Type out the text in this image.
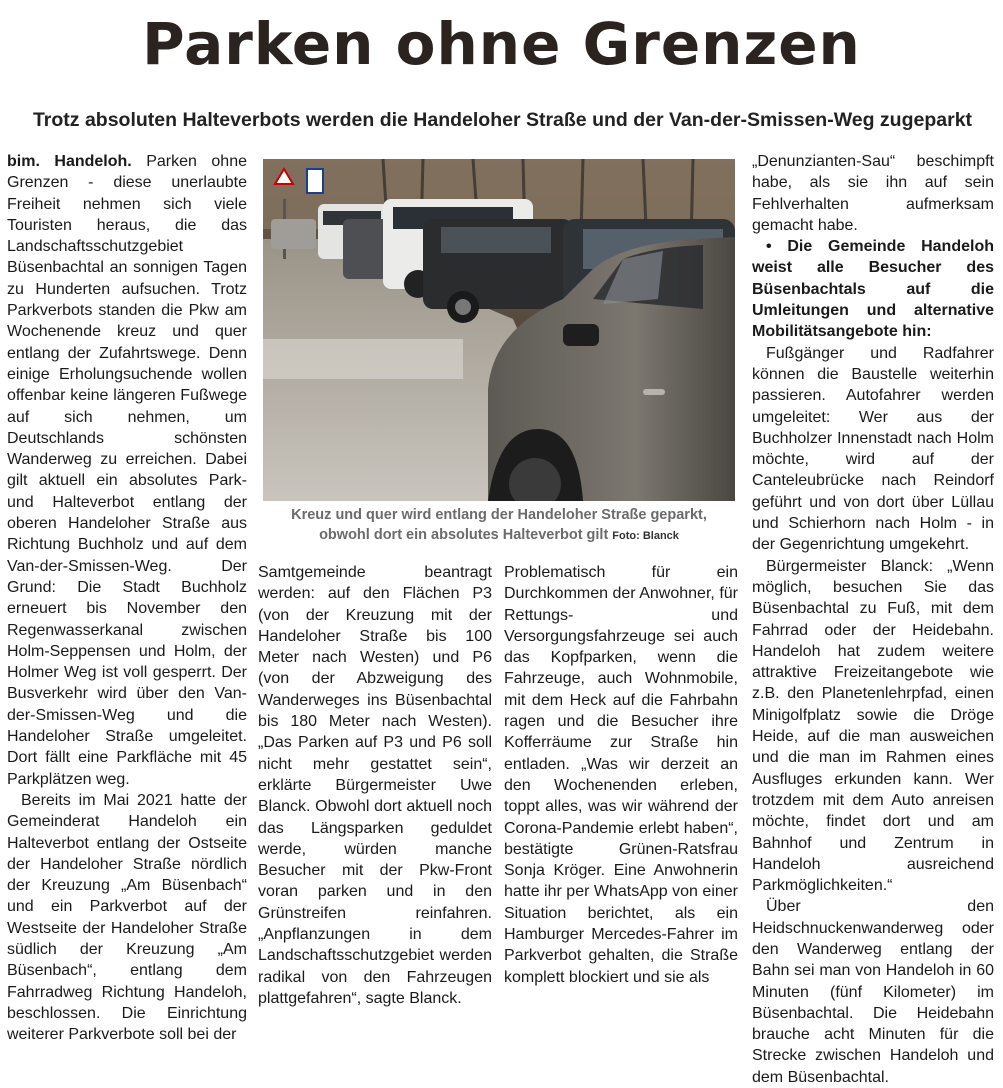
Parken ohne Grenzen
Trotz absoluten Halteverbots werden die Handeloher Straße und der Van-der-Smissen-Weg zugeparkt

bim. Handeloh. Parken ohne Grenzen - diese unerlaubte Freiheit nehmen sich viele Touristen heraus, die das Landschaftsschutzgebiet Büsenbachtal an sonnigen Tagen zu Hunderten aufsuchen. Trotz Parkverbots standen die Pkw am Wochenende kreuz und quer entlang der Zufahrtswege. Denn einige Erholungsuchende wollen offenbar keine längeren Fußwege auf sich nehmen, um Deutschlands schönsten Wanderweg zu erreichen. Dabei gilt aktuell ein absolutes Park- und Halteverbot entlang der oberen Handeloher Straße aus Richtung Buchholz und auf dem Van-der-Smissen-Weg. Der Grund: Die Stadt Buchholz erneuert bis November den Regenwasserkanal zwischen Holm-Seppensen und Holm, der Holmer Weg ist voll gesperrt. Der Busverkehr wird über den Van-der-Smissen-Weg und die Handeloher Straße umgeleitet. Dort fällt eine Parkfläche mit 45 Parkplätzen weg.

Bereits im Mai 2021 hatte der Gemeinderat Handeloh ein Halteverbot entlang der Ostseite der Handeloher Straße nördlich der Kreuzung „Am Büsenbach“ und ein Parkverbot auf der Westseite der Handeloher Straße südlich der Kreuzung „Am Büsenbach“, entlang dem Fahrradweg Richtung Handeloh, beschlossen. Die Einrichtung weiterer Parkverbote soll bei der

Kreuz und quer wird entlang der Handeloher Straße geparkt,
obwohl dort ein absolutes Halteverbot gilt Foto: Blanck

Samtgemeinde beantragt werden: auf den Flächen P3 (von der Kreuzung mit der Handeloher Straße bis 100 Meter nach Westen) und P6 (von der Abzweigung des Wanderweges ins Büsenbachtal bis 180 Meter nach Westen). „Das Parken auf P3 und P6 soll nicht mehr gestattet sein“, erklärte Bürgermeister Uwe Blanck. Obwohl dort aktuell noch das Längsparken geduldet werde, würden manche Besucher mit der Pkw-Front voran parken und in den Grünstreifen reinfahren. „Anpflanzungen in dem Landschaftsschutzgebiet werden radikal von den Fahrzeugen plattgefahren“, sagte Blanck.

Problematisch für ein Durchkommen der Anwohner, für Rettungs- und Versorgungsfahrzeuge sei auch das Kopfparken, wenn die Fahrzeuge, auch Wohnmobile, mit dem Heck auf die Fahrbahn ragen und die Besucher ihre Kofferräume zur Straße hin entladen. „Was wir derzeit an den Wochenenden erleben, toppt alles, was wir während der Corona-Pandemie erlebt haben“, bestätigte Grünen-Ratsfrau Sonja Kröger. Eine Anwohnerin hatte ihr per WhatsApp von einer Situation berichtet, als ein Hamburger Mercedes-Fahrer im Parkverbot gehalten, die Straße komplett blockiert und sie als

„Denunzianten-Sau“ beschimpft habe, als sie ihn auf sein Fehlverhalten aufmerksam gemacht habe.

• Die Gemeinde Handeloh weist alle Besucher des Büsenbachtals auf die Umleitungen und alternative Mobilitätsangebote hin:

Fußgänger und Radfahrer können die Baustelle weiterhin passieren. Autofahrer werden umgeleitet: Wer aus der Buchholzer Innenstadt nach Holm möchte, wird auf der Canteleubrücke nach Reindorf geführt und von dort über Lüllau und Schierhorn nach Holm - in der Gegenrichtung umgekehrt.

Bürgermeister Blanck: „Wenn möglich, besuchen Sie das Büsenbachtal zu Fuß, mit dem Fahrrad oder der Heidebahn. Handeloh hat zudem weitere attraktive Freizeitangebote wie z.B. den Planetenlehrpfad, einen Minigolfplatz sowie die Dröge Heide, auf die man ausweichen und die man im Rahmen eines Ausfluges erkunden kann. Wer trotzdem mit dem Auto anreisen möchte, findet dort und am Bahnhof und Zentrum in Handeloh ausreichend Parkmöglichkeiten.“

Über den Heidschnuckenwanderweg oder den Wanderweg entlang der Bahn sei man von Handeloh in 60 Minuten (fünf Kilometer) im Büsenbachtal. Die Heidebahn brauche acht Minuten für die Strecke zwischen Handeloh und dem Büsenbachtal.
